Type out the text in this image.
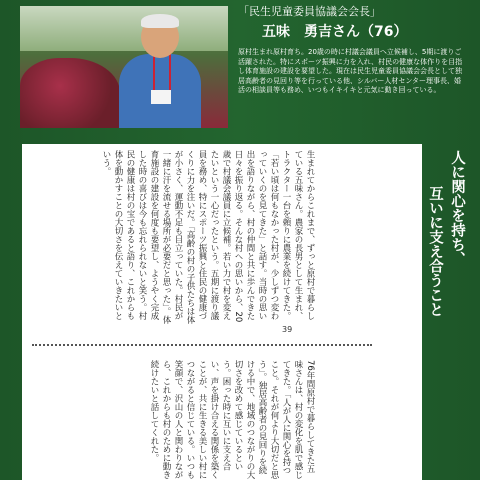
「民生児童委員協議会会長」
五味　勇吉さん（76）
原村生まれ原村育ち。20歳の時に村議会議員へ立候補し、5期に渡りご活躍された。特にスポーツ振興に力を入れ、村民の健康な体作りを目指し体育施設の建設を要望した。現在は民生児童委員協議会会長として独居高齢者の見回り等を行っている他、シルバー人材センター理事長、婚活の相談員等も務め、いつもイキイキと元気に動き回っている。
生まれてからこれまで、ずっと原村で暮らしている五味さん。農家の長男として生まれ、トラクター一台を頼りに農業を続けてきた。「若い頃は何もなかった村が、少しずつ変わっていくのを見てきた」と話す。当時の思い出を語りながら、村の仲間と共に歩んできた日々を振り返る。そんな村への思いから、20歳で村議会議員に立候補。若い力で村を変えたいという一心だったという。五期に渡り議員を務め、特にスポーツ振興と住民の健康づくりに力を注いだ。「高齢の村の子供たちは体が小さく、運動不足も目立っていた。村民が一緒に汗を流せる場所が必要だと思った」。体育施設の建設を何度も要望し、ようやく完成した時の喜びは今も忘れられないと笑う。村民の健康は村の宝であると語り、これからも体を動かすことの大切さを伝えていきたいという。
39
76年間原村で暮らしてきた五味さんは、村の変化を肌で感じてきた。「人が人に関心を持つこと。それが何より大切だと思う」。独居高齢者の見回りを続ける中で、地域のつながりの大切さを改めて感じているという。困った時に互いに支え合い、声を掛け合える関係を築くことが、共に生きる美しい村につながると信じている。いつも笑顔で、沢山の人と関わりながら、これからも村のために動き続けたいと話してくれた。
人に関心を持ち、
互いに支え合うこと
共に生きる美しい村を目指して
